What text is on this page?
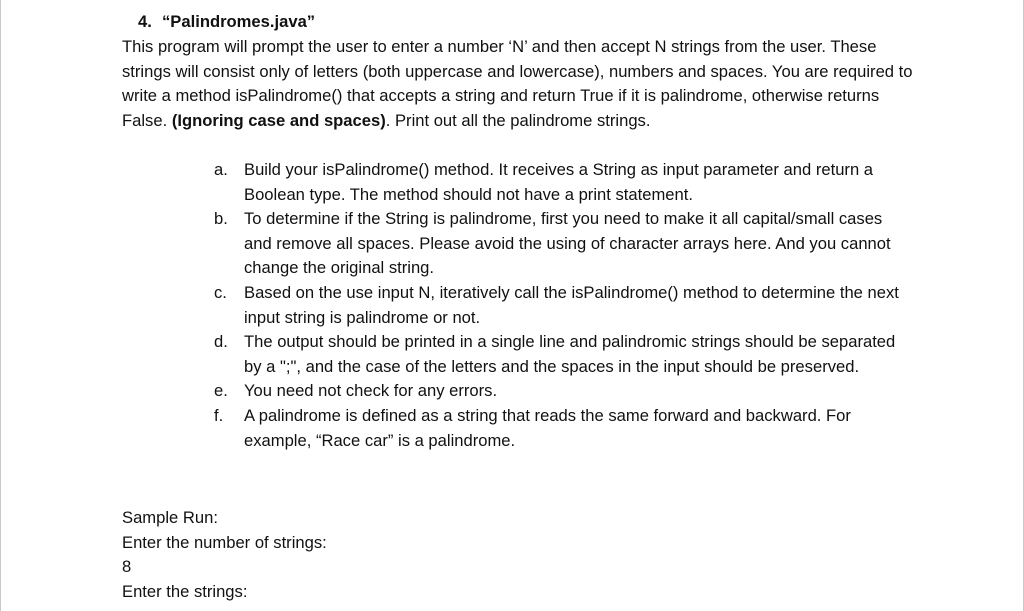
4. “Palindromes.java”
This program will prompt the user to enter a number ‘N’ and then accept N strings from the user. These strings will consist only of letters (both uppercase and lowercase), numbers and spaces. You are required to write a method isPalindrome() that accepts a string and return True if it is palindrome, otherwise returns False. (Ignoring case and spaces). Print out all the palindrome strings.
a. Build your isPalindrome() method. It receives a String as input parameter and return a Boolean type. The method should not have a print statement.
b. To determine if the String is palindrome, first you need to make it all capital/small cases and remove all spaces. Please avoid the using of character arrays here. And you cannot change the original string.
c.	Based on the use input N, iteratively call the isPalindrome() method to determine the next input string is palindrome or not.
d. The output should be printed in a single line and palindromic strings should be separated by a ";", and the case of the letters and the spaces in the input should be preserved.
e. You need not check for any errors.
f.	A palindrome is defined as a string that reads the same forward and backward. For example, “Race car” is a palindrome.
Sample Run:
Enter the number of strings:
8
Enter the strings:
